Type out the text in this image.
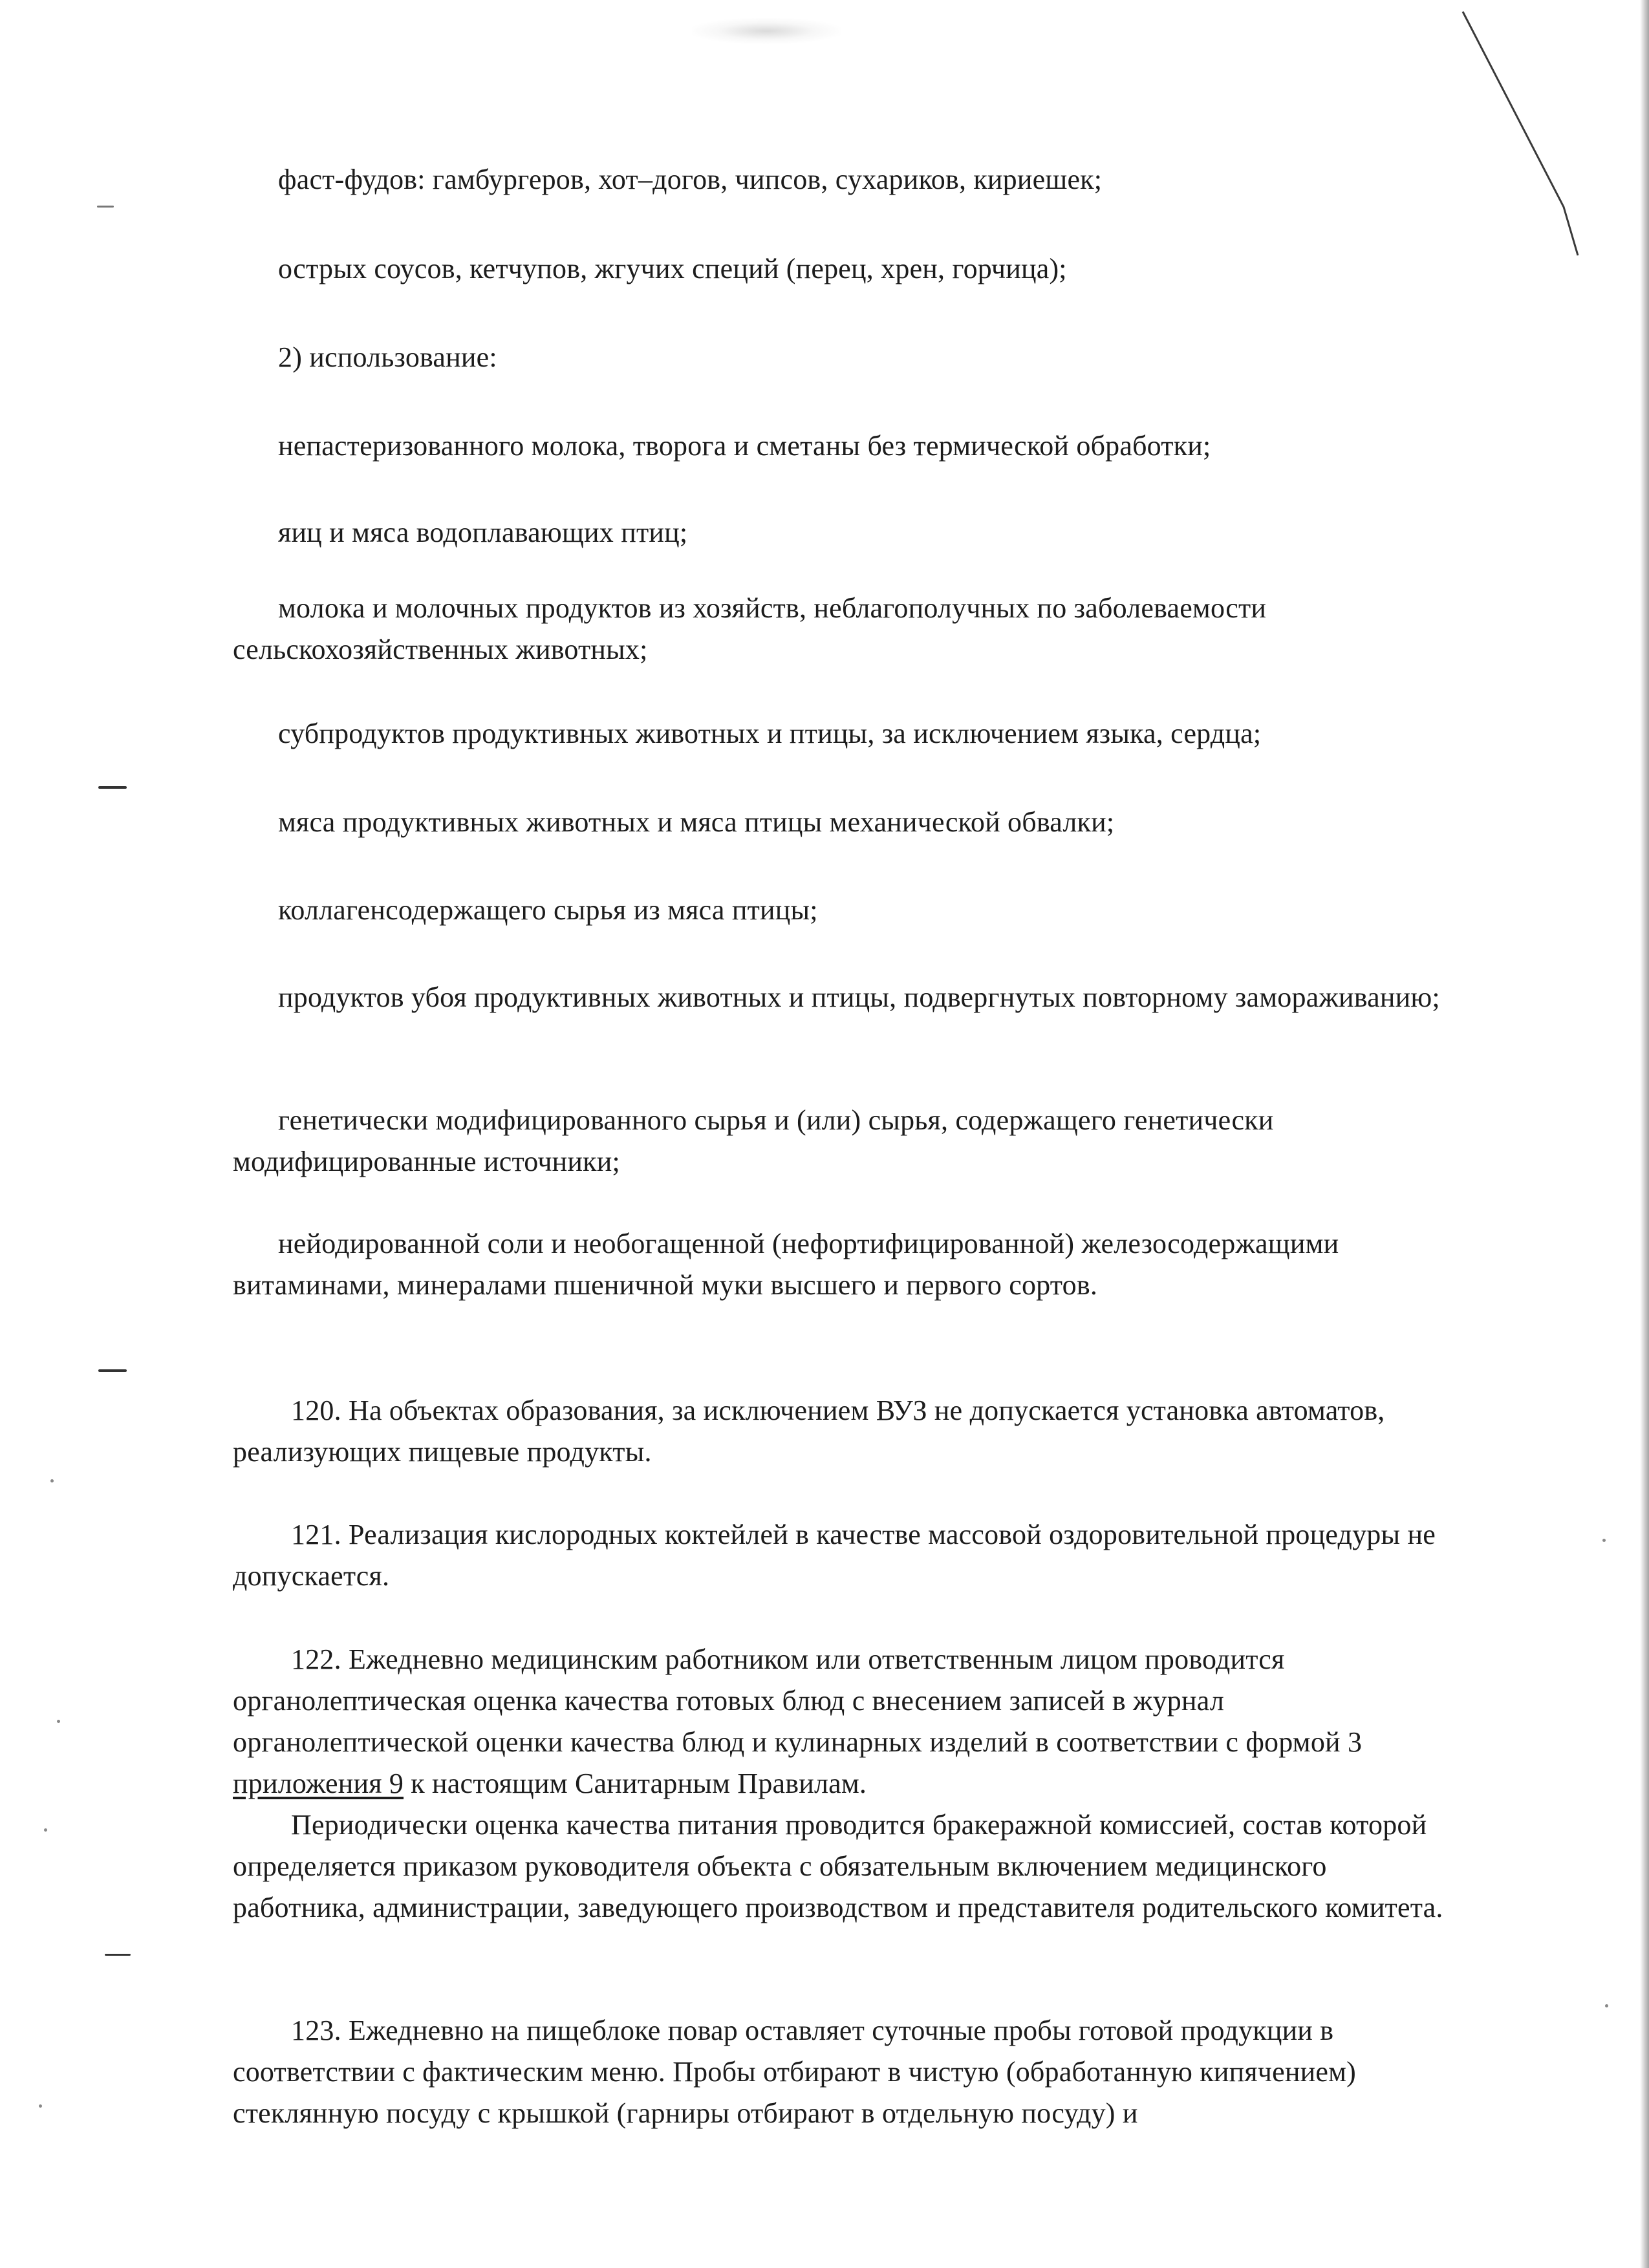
фаст-фудов: гамбургеров, хот–догов, чипсов, сухариков, кириешек;

острых соусов, кетчупов, жгучих специй (перец, хрен, горчица);

2) использование:

непастеризованного молока, творога и сметаны без термической обработки;

яиц и мяса водоплавающих птиц;

молока и молочных продуктов из хозяйств, неблагополучных по заболеваемости сельскохозяйственных животных;

субпродуктов продуктивных животных и птицы, за исключением языка, сердца;

мяса продуктивных животных и мяса птицы механической обвалки;

коллагенсодержащего сырья из мяса птицы;

продуктов убоя продуктивных животных и птицы, подвергнутых повторному замораживанию;

генетически модифицированного сырья и (или) сырья, содержащего генетически модифицированные источники;

нейодированной соли и необогащенной (нефортифицированной) железосодержащими витаминами, минералами пшеничной муки высшего и первого сортов.

120. На объектах образования, за исключением ВУЗ не допускается установка автоматов, реализующих пищевые продукты.

121. Реализация кислородных коктейлей в качестве массовой оздоровительной процедуры не допускается.

122. Ежедневно медицинским работником или ответственным лицом проводится органолептическая оценка качества готовых блюд с внесением записей в журнал органолептической оценки качества блюд и кулинарных изделий в соответствии с формой 3 приложения 9 к настоящим Санитарным Правилам.

Периодически оценка качества питания проводится бракеражной комиссией, состав которой определяется приказом руководителя объекта с обязательным включением медицинского работника, администрации, заведующего производством и представителя родительского комитета.

123. Ежедневно на пищеблоке повар оставляет суточные пробы готовой продукции в соответствии с фактическим меню. Пробы отбирают в чистую (обработанную кипячением) стеклянную посуду с крышкой (гарниры отбирают в отдельную посуду) и
